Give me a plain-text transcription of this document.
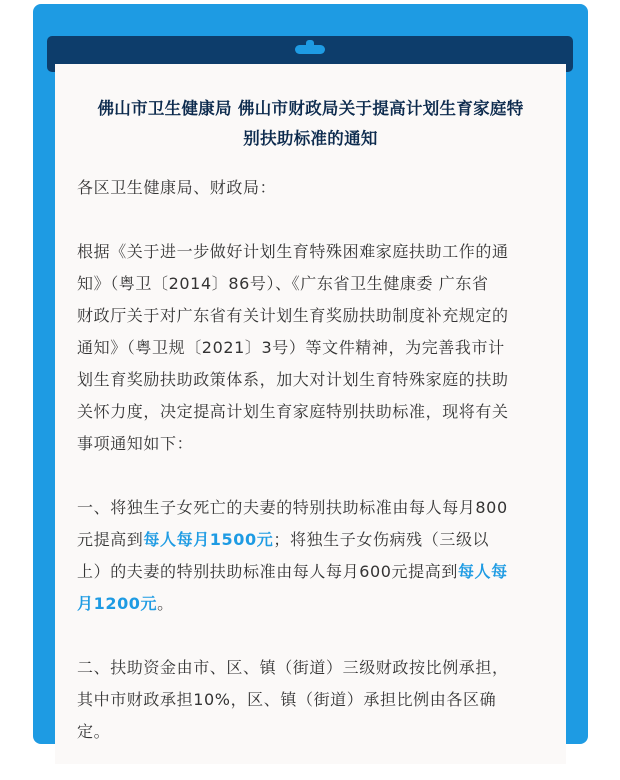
佛山市卫生健康局 佛山市财政局关于提高计划生育家庭特
别扶助标准的通知

各区卫生健康局、财政局：

根据《关于进一步做好计划生育特殊困难家庭扶助工作的通
知》（粤卫〔2014〕86号）、《广东省卫生健康委 广东省
财政厅关于对广东省有关计划生育奖励扶助制度补充规定的
通知》（粤卫规〔2021〕3号）等文件精神，为完善我市计
划生育奖励扶助政策体系，加大对计划生育特殊家庭的扶助
关怀力度，决定提高计划生育家庭特别扶助标准，现将有关
事项通知如下：

一、将独生子女死亡的夫妻的特别扶助标准由每人每月800
元提高到每人每月1500元；将独生子女伤病残（三级以
上）的夫妻的特别扶助标准由每人每月600元提高到每人每
月1200元。

二、扶助资金由市、区、镇（街道）三级财政按比例承担，
其中市财政承担10%，区、镇（街道）承担比例由各区确
定。
